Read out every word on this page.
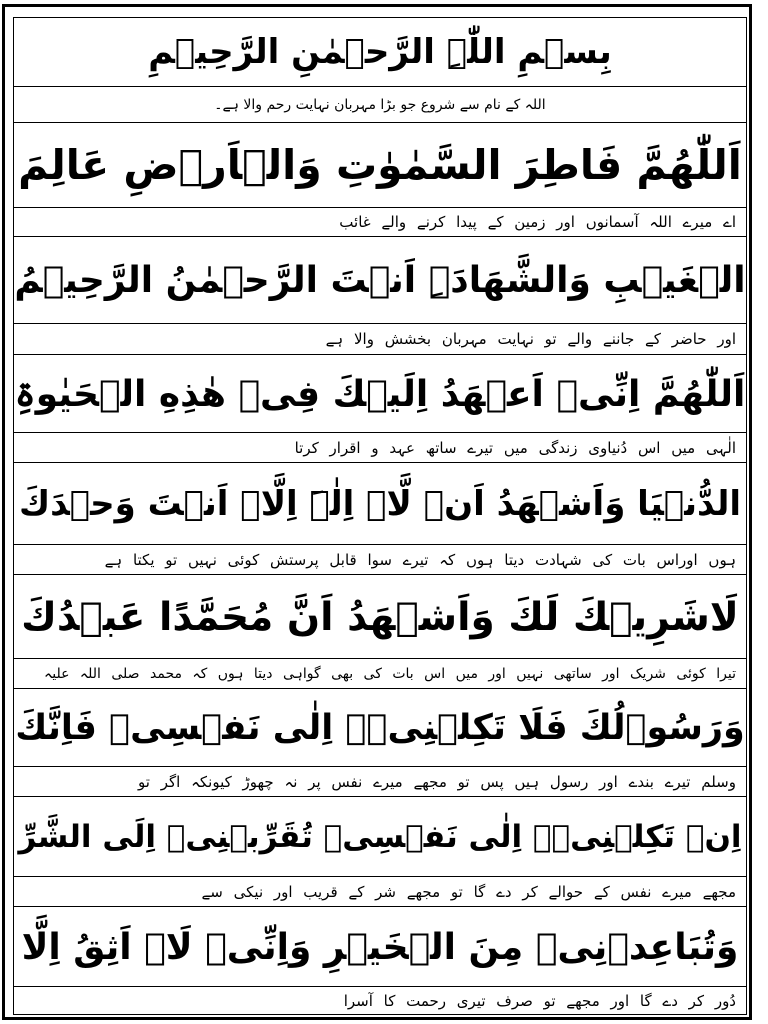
بِسۡمِ اللّٰہِ الرَّحۡمٰنِ الرَّحِیۡمِ
اللہ کے نام سے شروع جو بڑا مہربان نہایت رحم والا ہے۔
اَللّٰھُمَّ فَاطِرَ السَّمٰوٰتِ وَالۡاَرۡضِ عَالِمَ
اے میرے اللہ آسمانوں اور زمین کے پیدا کرنے والے غائب
الۡغَیۡبِ وَالشَّھَادَۃِ اَنۡتَ الرَّحۡمٰنُ الرَّحِیۡمُ
اور حاضر کے جاننے والے تو نہایت مہربان بخشش والا ہے
اَللّٰھُمَّ اِنِّیۡ اَعۡھَدُ اِلَیۡكَ فِیۡ ھٰذِهِ الۡحَیٰوۃِ
الٰہی میں اس دُنیاوی زندگی میں تیرے ساتھ عہد و اقرار کرتا
الدُّنۡیَا وَاَشۡھَدُ اَنۡ لَّاۤ اِلٰہَ اِلَّاۤ اَنۡتَ وَحۡدَكَ
ہوں اوراس بات کی شہادت دیتا ہوں کہ تیرے سوا قابل پرستش کوئی نہیں تو یکتا ہے
لَاشَرِیۡكَ لَكَ وَاَشۡھَدُ اَنَّ مُحَمَّدًا عَبۡدُكَ
تیرا کوئی شریک اور ساتھی نہیں اور میں اس بات کی بھی گواہی دیتا ہوں کہ محمد صلی اللہ علیہ
وَرَسُوۡلُكَ فَلَا تَكِلۡنِیۡۤ اِلٰی نَفۡسِیۡ فَاِنَّكَ
وسلم تیرے بندے اور رسول ہیں پس تو مجھے میرے نفس پر نہ چھوڑ کیونکہ اگر تو
اِنۡ تَكِلۡنِیۡۤ اِلٰی نَفۡسِیۡ تُقَرِّبۡنِیۡ اِلَی الشَّرِّ
مجھے میرے نفس کے حوالے کر دے گا تو مجھے شر کے قریب اور نیکی سے
وَتُبَاعِدۡنِیۡ مِنَ الۡخَیۡرِ وَاِنِّیۡ لَاۤ اَثِقُ اِلَّا
دُور کر دے گا اور مجھے تو صرف تیری رحمت کا آسرا
